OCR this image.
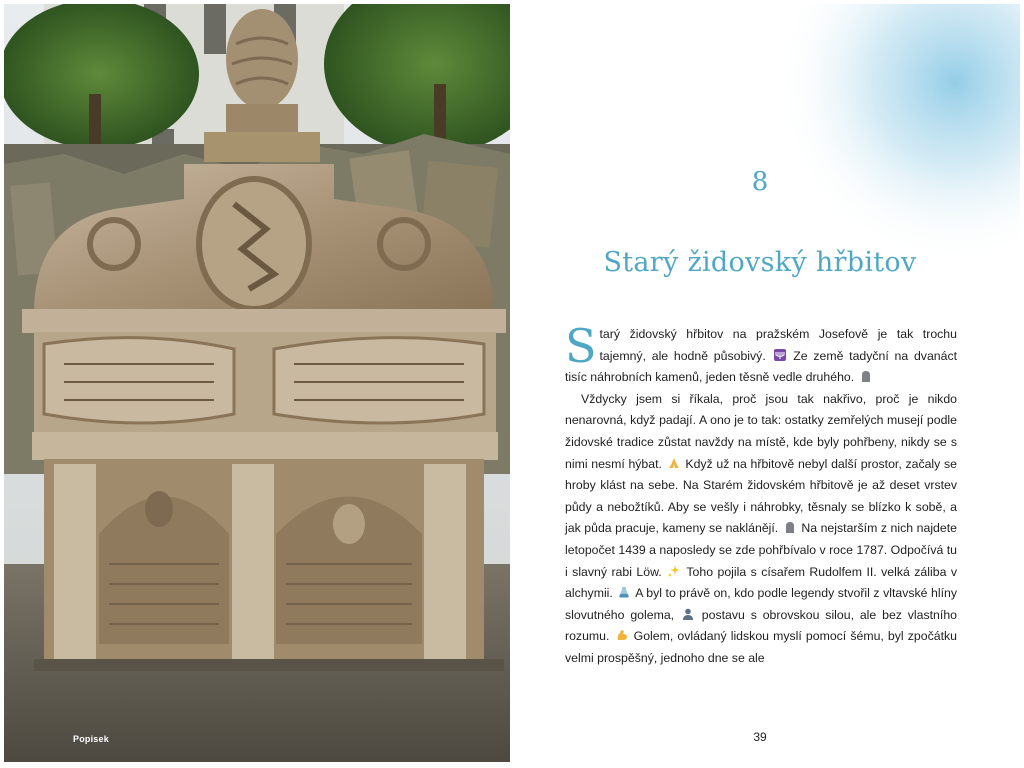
Popisek
8
Starý židovský hřbitov

S tarý židovský hřbitov na pražském Josefově je tak trochu tajemný, ale hodně působivý. Ze země tadyční na dvanáct tisíc náhrobních kamenů, jeden těsně vedle druhého.

Vždycky jsem si říkala, proč jsou tak nakřivo, proč je nikdo nenarovná, když padají. A ono je to tak: ostatky zemřelých musejí podle židovské tradice zůstat navždy na místě, kde byly pohřbeny, nikdy se s nimi nesmí hýbat. Když už na hřbitově nebyl další prostor, začaly se hroby klást na sebe. Na Starém židovském hřbitově je až deset vrstev půdy a nebožtíků. Aby se vešly i náhrobky, těsnaly se blízko k sobě, a jak půda pracuje, kameny se naklánějí. Na nejstarším z nich najdete letopočet 1439 a naposledy se zde pohřbívalo v roce 1787. Odpočívá tu i slavný rabi Löw. Toho pojila s císařem Rudolfem II. velká záliba v alchymii. A byl to právě on, kdo podle legendy stvořil z vltavské hlíny slovutného golema, postavu s obrovskou silou, ale bez vlastního rozumu. Golem, ovládaný lidskou myslí pomocí šému, byl zpočátku velmi prospěšný, jednoho dne se ale

39
